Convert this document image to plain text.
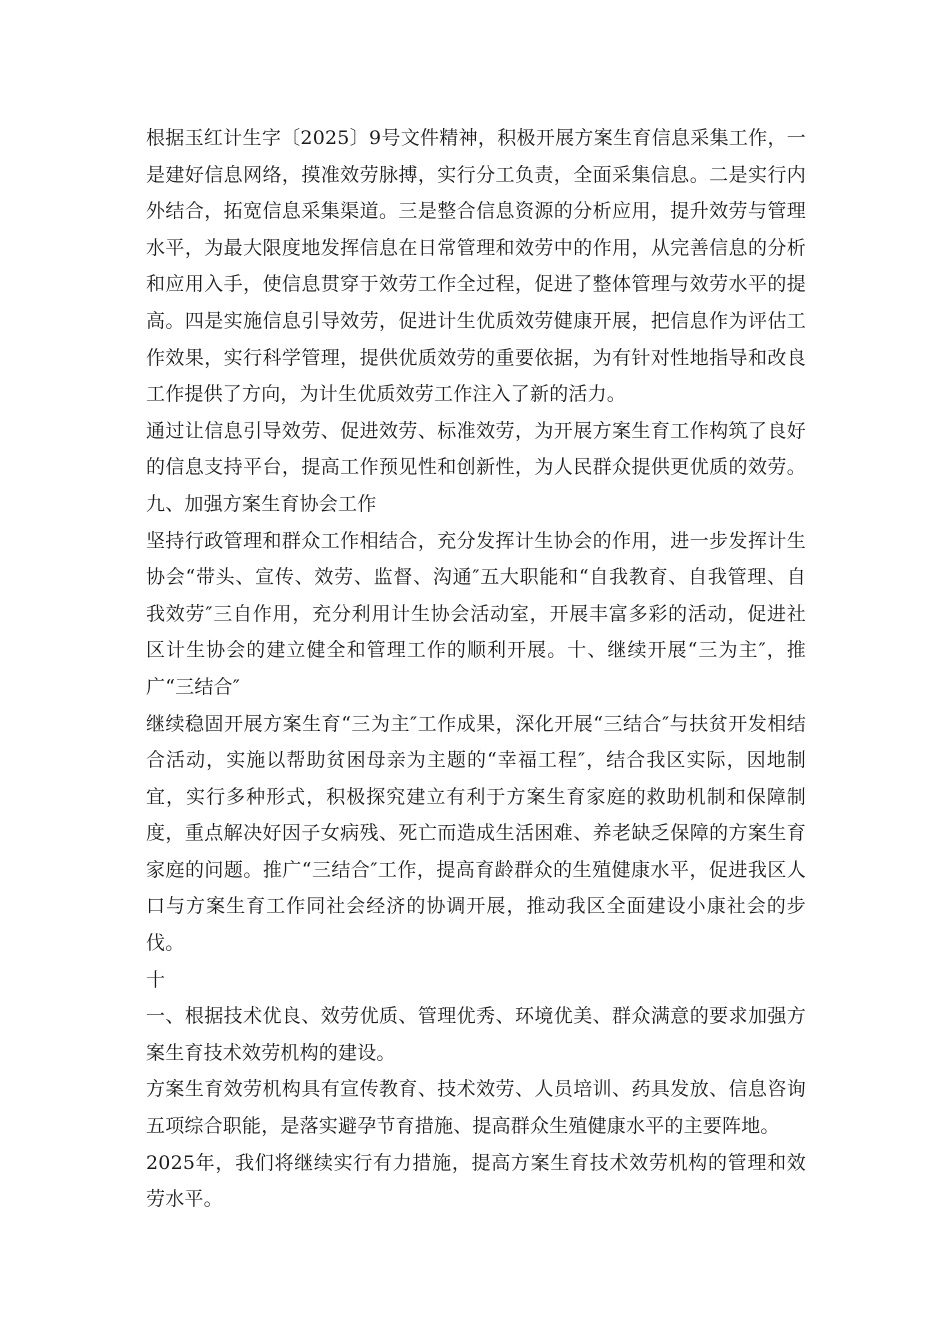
根据玉红计生字〔2025〕9号文件精神，积极开展方案生育信息采集工作，一是建好信息网络，摸准效劳脉搏，实行分工负责，全面采集信息。二是实行内外结合，拓宽信息采集渠道。三是整合信息资源的分析应用，提升效劳与管理水平，为最大限度地发挥信息在日常管理和效劳中的作用，从完善信息的分析和应用入手，使信息贯穿于效劳工作全过程，促进了整体管理与效劳水平的提高。四是实施信息引导效劳，促进计生优质效劳健康开展，把信息作为评估工作效果，实行科学管理，提供优质效劳的重要依据，为有针对性地指导和改良工作提供了方向，为计生优质效劳工作注入了新的活力。

通过让信息引导效劳、促进效劳、标准效劳，为开展方案生育工作构筑了良好的信息支持平台，提高工作预见性和创新性，为人民群众提供更优质的效劳。九、加强方案生育协会工作

坚持行政管理和群众工作相结合，充分发挥计生协会的作用，进一步发挥计生协会“带头、宣传、效劳、监督、沟通″五大职能和“自我教育、自我管理、自我效劳″三自作用，充分利用计生协会活动室，开展丰富多彩的活动，促进社区计生协会的建立健全和管理工作的顺利开展。十、继续开展“三为主″，推广“三结合″

继续稳固开展方案生育“三为主″工作成果，深化开展“三结合″与扶贫开发相结合活动，实施以帮助贫困母亲为主题的“幸福工程″，结合我区实际，因地制宜，实行多种形式，积极探究建立有利于方案生育家庭的救助机制和保障制度，重点解决好因子女病残、死亡而造成生活困难、养老缺乏保障的方案生育家庭的问题。推广“三结合″工作，提高育龄群众的生殖健康水平，促进我区人口与方案生育工作同社会经济的协调开展，推动我区全面建设小康社会的步伐。

十

一、根据技术优良、效劳优质、管理优秀、环境优美、群众满意的要求加强方案生育技术效劳机构的建设。

方案生育效劳机构具有宣传教育、技术效劳、人员培训、药具发放、信息咨询五项综合职能，是落实避孕节育措施、提高群众生殖健康水平的主要阵地。

2025年，我们将继续实行有力措施，提高方案生育技术效劳机构的管理和效劳水平。
